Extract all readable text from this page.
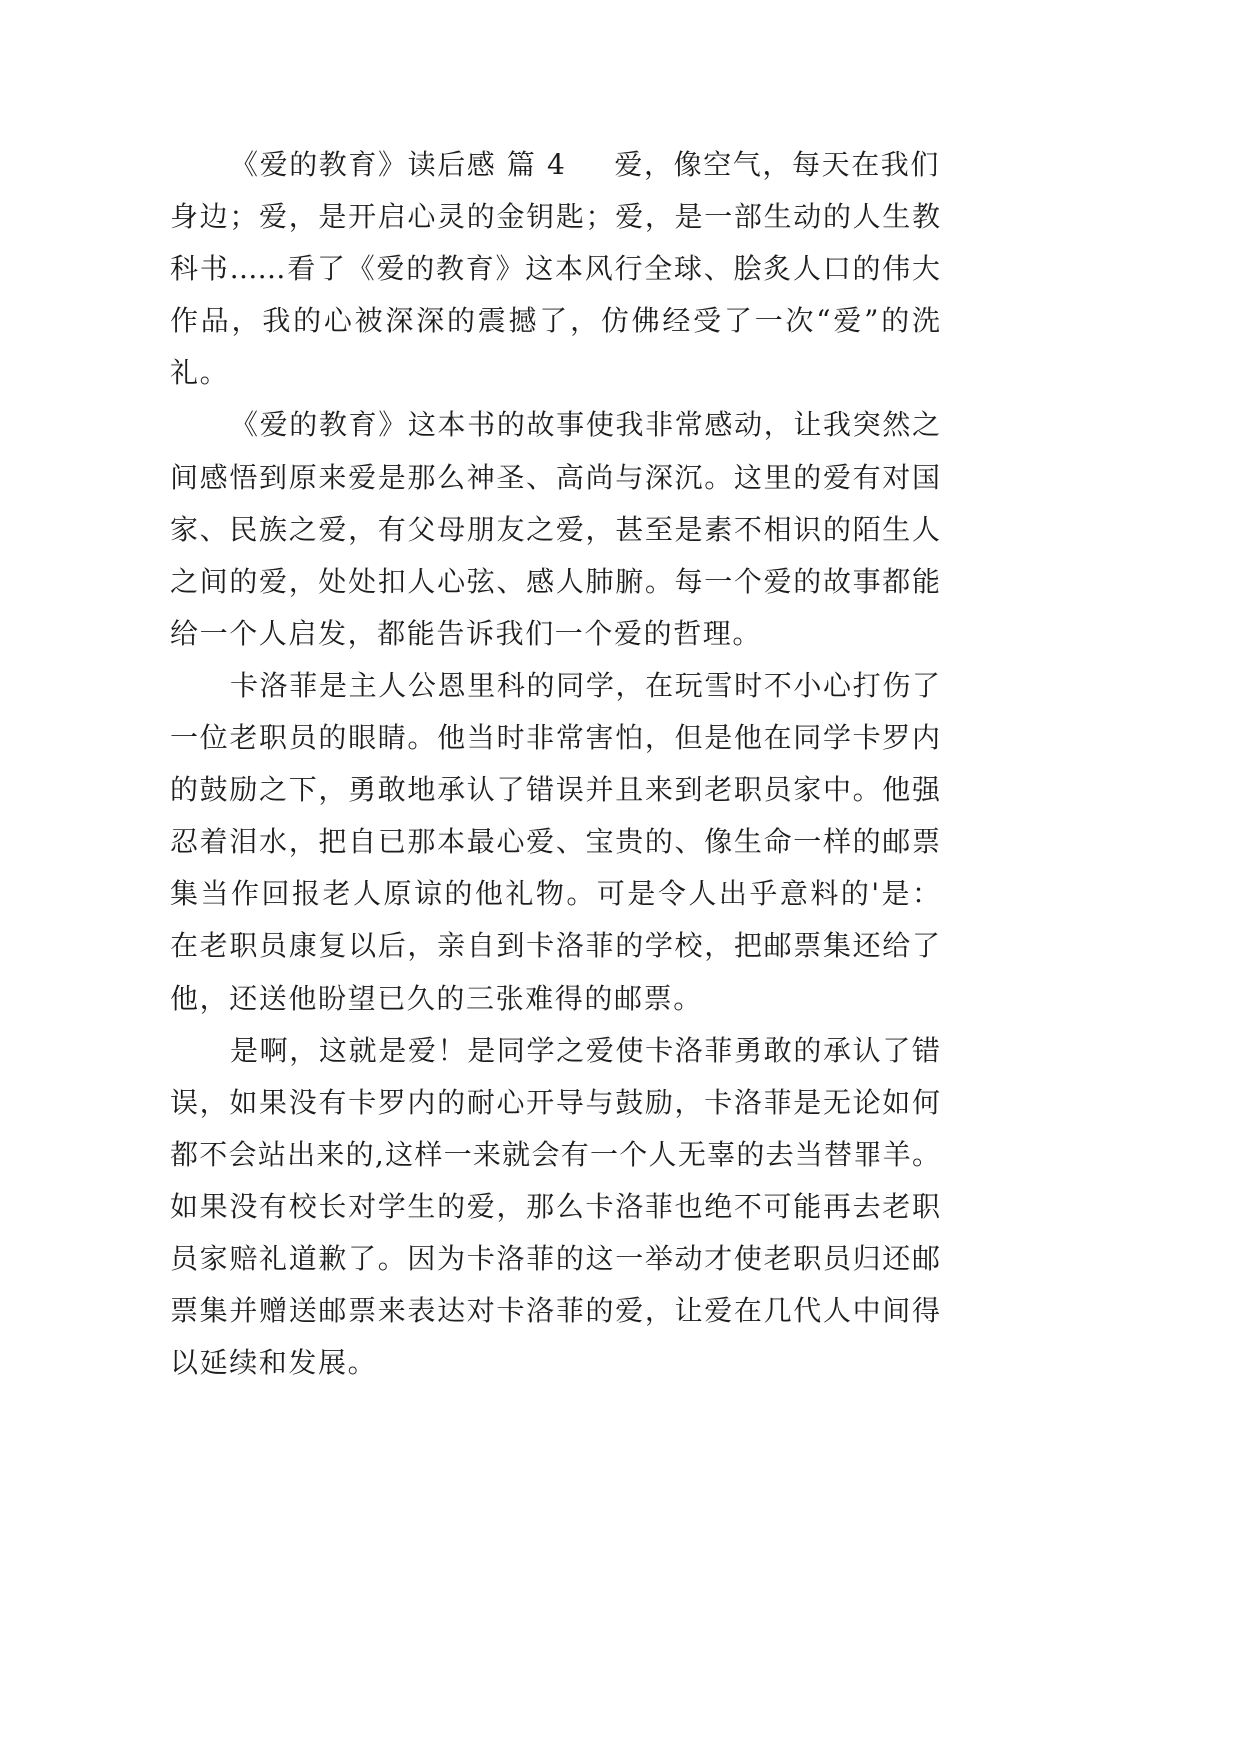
《爱的教育》读后感 篇 4 爱，像空气，每天在我们
身边；爱，是开启心灵的金钥匙；爱，是一部生动的人生教
科书……看了《爱的教育》这本风行全球、脍炙人口的伟大
作品，我的心被深深的震撼了，仿佛经受了一次“爱”的洗
礼。
《爱的教育》这本书的故事使我非常感动，让我突然之
间感悟到原来爱是那么神圣、高尚与深沉。这里的爱有对国
家、民族之爱，有父母朋友之爱，甚至是素不相识的陌生人
之间的爱，处处扣人心弦、感人肺腑。每一个爱的故事都能
给一个人启发，都能告诉我们一个爱的哲理。
卡洛菲是主人公恩里科的同学，在玩雪时不小心打伤了
一位老职员的眼睛。他当时非常害怕，但是他在同学卡罗内
的鼓励之下，勇敢地承认了错误并且来到老职员家中。他强
忍着泪水，把自已那本最心爱、宝贵的、像生命一样的邮票
集当作回报老人原谅的他礼物。可是令人出乎意料的'是：
在老职员康复以后，亲自到卡洛菲的学校，把邮票集还给了
他，还送他盼望已久的三张难得的邮票。
是啊，这就是爱！是同学之爱使卡洛菲勇敢的承认了错
误，如果没有卡罗内的耐心开导与鼓励，卡洛菲是无论如何
都不会站出来的,这样一来就会有一个人无辜的去当替罪羊。
如果没有校长对学生的爱，那么卡洛菲也绝不可能再去老职
员家赔礼道歉了。因为卡洛菲的这一举动才使老职员归还邮
票集并赠送邮票来表达对卡洛菲的爱，让爱在几代人中间得
以延续和发展。
